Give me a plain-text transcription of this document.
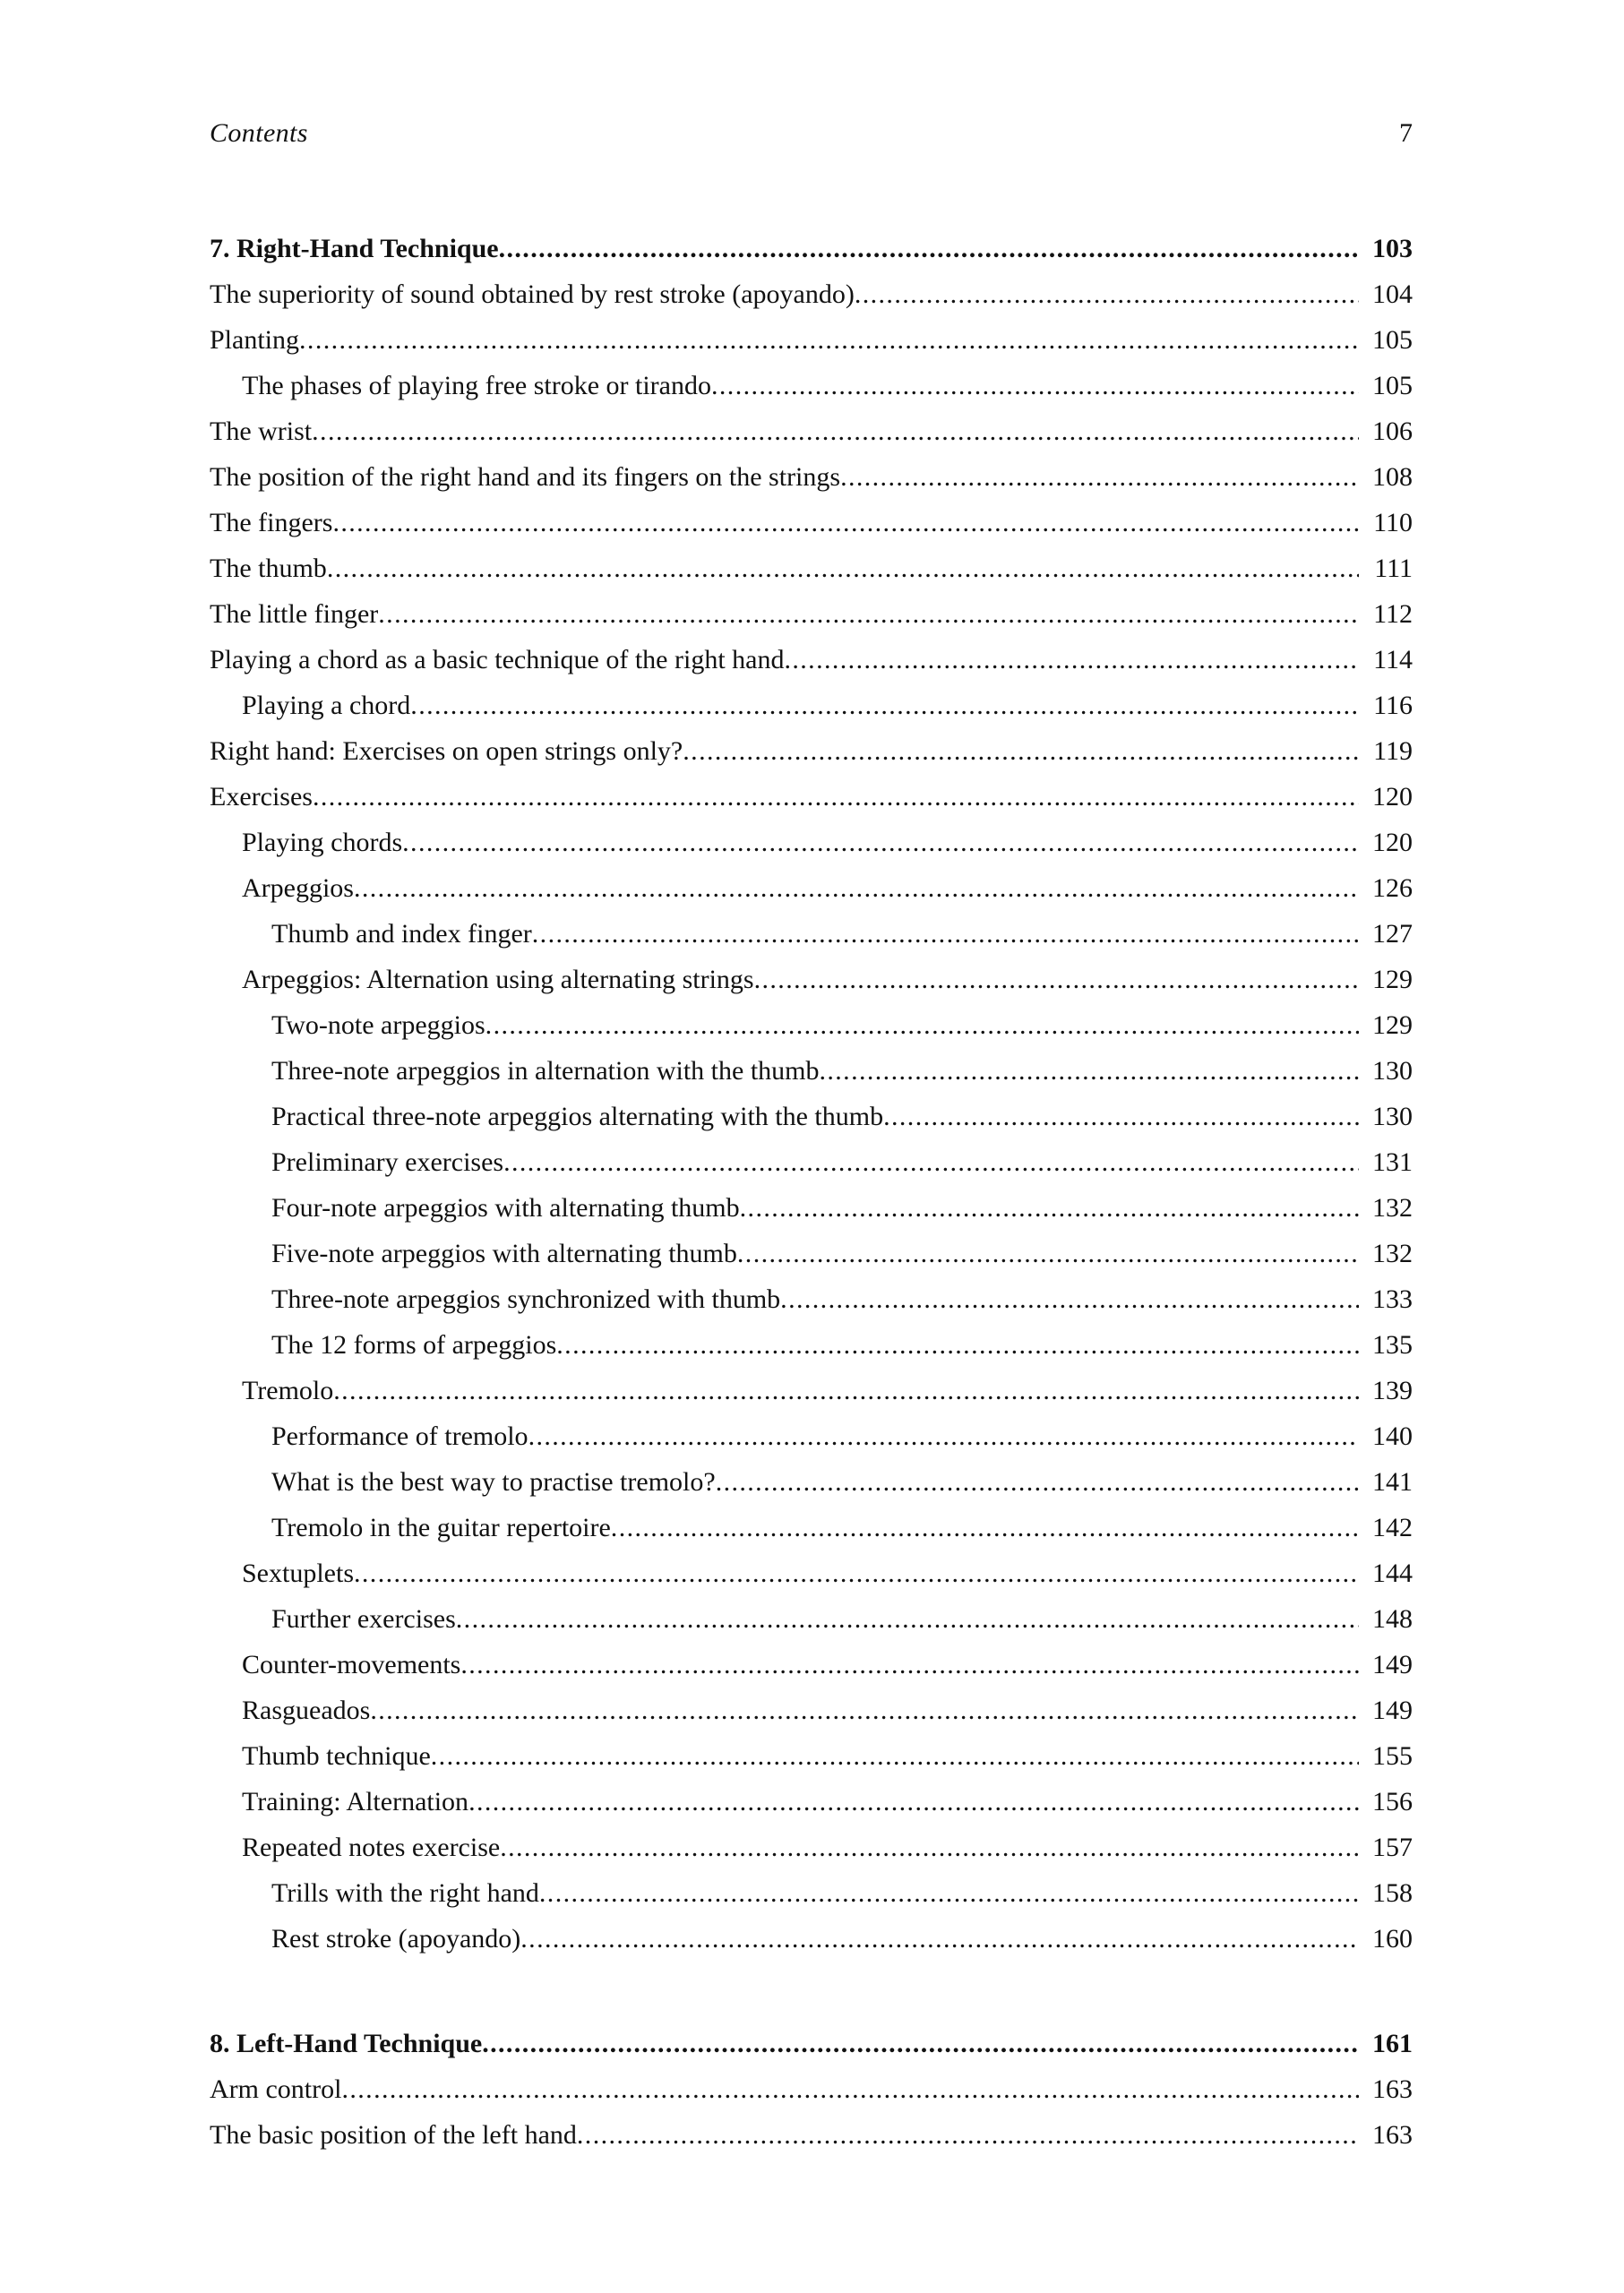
Contents	7
7. Right-Hand Technique .....	103
The superiority of sound obtained by rest stroke (apoyando) .....	104
Planting .....	105
The phases of playing free stroke or tirando .....	105
The wrist .....	106
The position of the right hand and its fingers on the strings .....	108
The fingers .....	110
The thumb .....	111
The little finger .....	112
Playing a chord as a basic technique of the right hand .....	114
Playing a chord .....	116
Right hand: Exercises on open strings only? .....	119
Exercises .....	120
Playing chords .....	120
Arpeggios .....	126
Thumb and index finger .....	127
Arpeggios: Alternation using alternating strings .....	129
Two-note arpeggios .....	129
Three-note arpeggios in alternation with the thumb .....	130
Practical three-note arpeggios alternating with the thumb .....	130
Preliminary exercises .....	131
Four-note arpeggios with alternating thumb .....	132
Five-note arpeggios with alternating thumb .....	132
Three-note arpeggios synchronized with thumb .....	133
The 12 forms of arpeggios .....	135
Tremolo .....	139
Performance of tremolo .....	140
What is the best way to practise tremolo? .....	141
Tremolo in the guitar repertoire .....	142
Sextuplets .....	144
Further exercises .....	148
Counter-movements .....	149
Rasgueados .....	149
Thumb technique .....	155
Training: Alternation .....	156
Repeated notes exercise .....	157
Trills with the right hand .....	158
Rest stroke (apoyando) .....	160
8. Left-Hand Technique .....	161
Arm control .....	163
The basic position of the left hand .....	163
